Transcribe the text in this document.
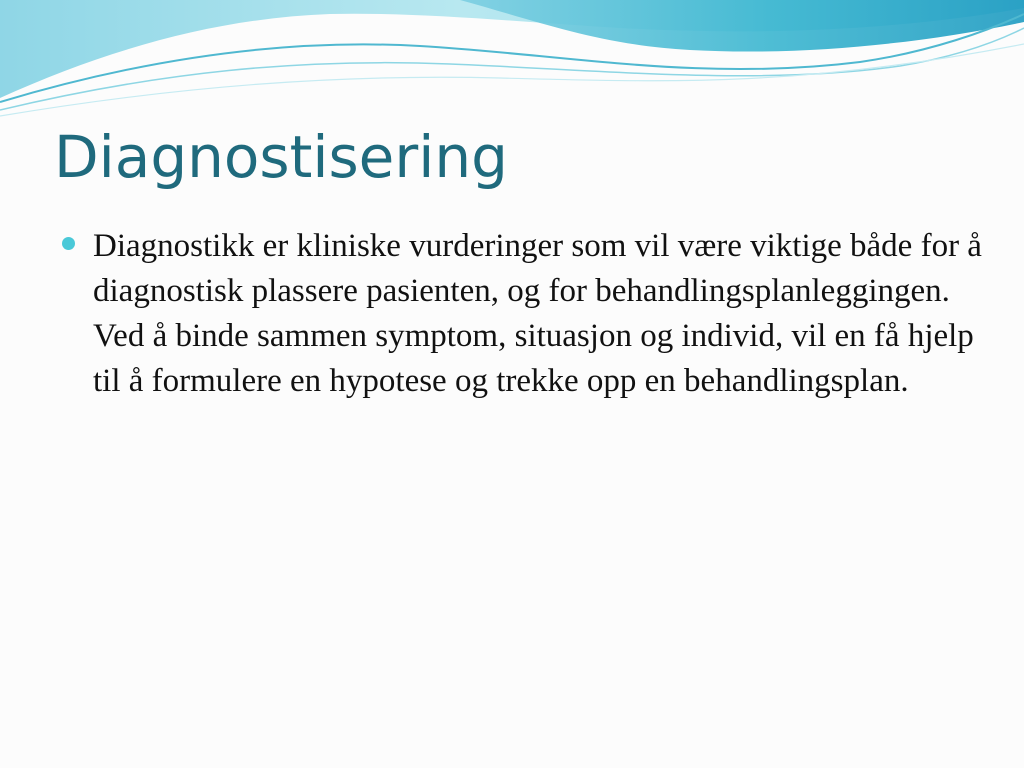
Diagnostisering
Diagnostikk er kliniske vurderinger som vil være viktige både for å diagnostisk plassere pasienten, og for behandlingsplanleggingen. Ved å binde sammen symptom, situasjon og individ, vil en få hjelp til å formulere en hypotese og trekke opp en behandlingsplan.
